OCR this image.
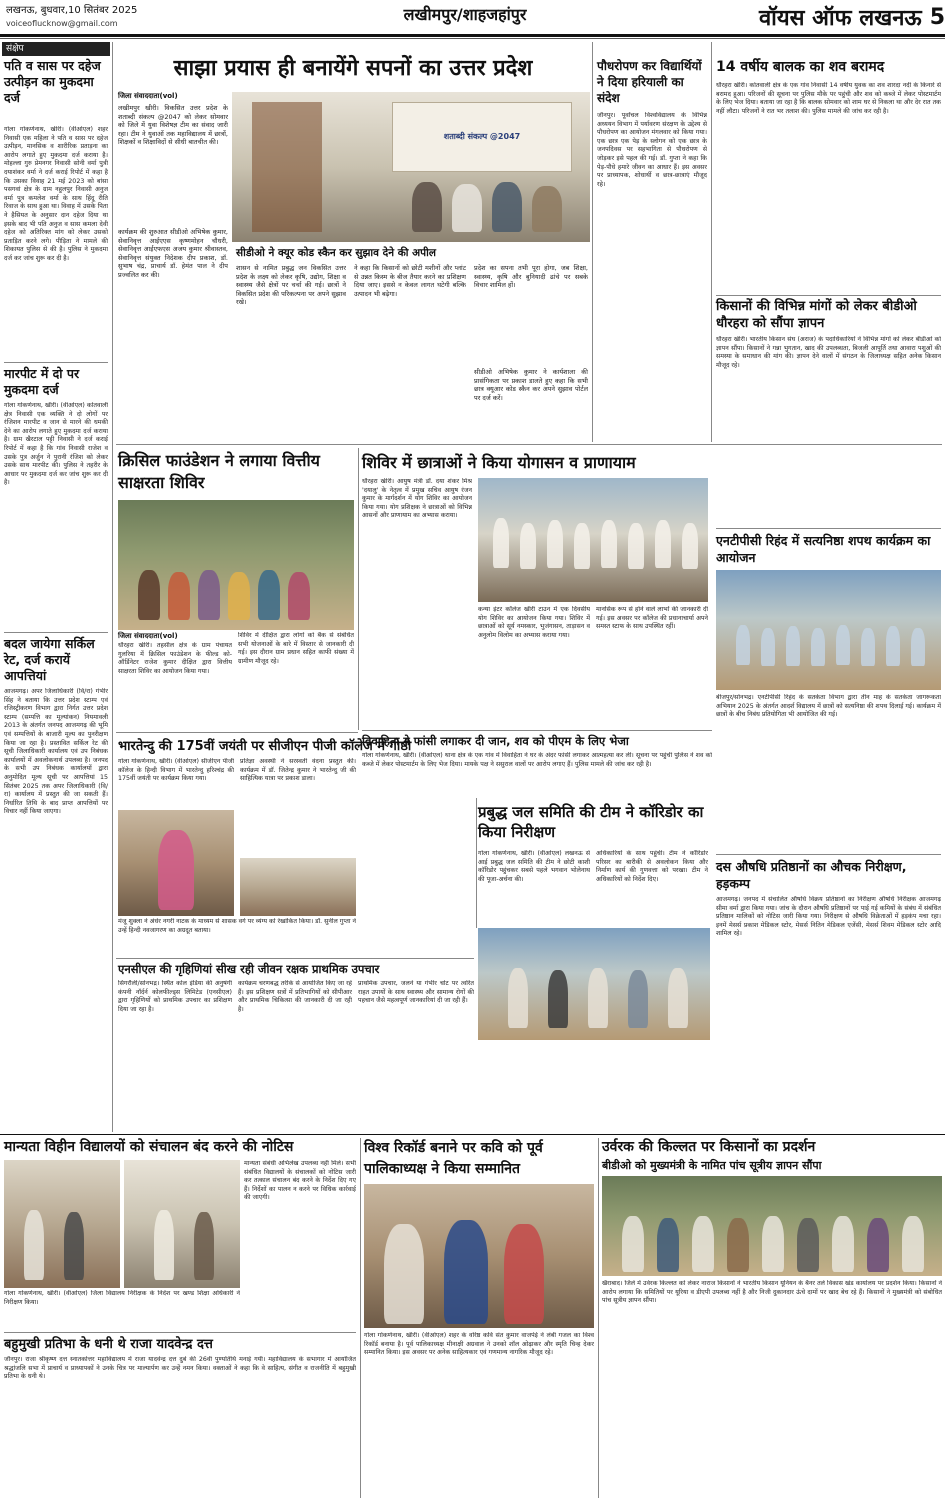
लखनऊ, बुधवार,10 सितंबर 2025
voiceoflucknow@gmail.com	लखीमपुर/शाहजहांपुर	वॉयस ऑफ लखनऊ 5
संक्षेप
पति व सास पर दहेज उत्पीड़न का मुकदमा दर्ज
गोला गोकर्णनाथ, खीरी। (वीओएल) शहर निवासी एक महिला ने पति व सास पर दहेज उत्पीड़न, मानसिक व शारीरिक प्रताड़ना का आरोप लगाते हुए मुकदमा दर्ज कराया है। मोहल्ला गुरु प्रेमनगर निवासी सोनी वर्मा पुत्री दयाशंकर वर्मा ने दर्ज कराई रिपोर्ट में कहा है कि उसका विवाह 21 मई 2023 को बांसा पसगवां क्षेत्र के ग्राम नहुलपुर निवासी अनुज वर्मा पुत्र कमलेश वर्मा के साथ हिंदू रीति रिवाज के साथ हुआ था। विवाह में उसके पिता ने हैसियत के अनुसार दान दहेज दिया था इसके बाद भी पति अनुज व सास कमला देवी दहेज को अतिरिक्त मांग को लेकर उसको प्रताड़ित करने लगे। पीड़िता ने मामले की शिकायत पुलिस से की है। पुलिस ने मुकदमा दर्ज कर जांच शुरू कर दी है।
मारपीट में दो पर मुकदमा दर्ज
गोला गोकर्णनाथ, खीरी। (वीओएल) कोतवाली क्षेत्र निवासी एक व्यक्ति ने दो लोगों पर रंजिशन मारपीट व जान से मारने की धमकी देने का आरोप लगाते हुए मुकदमा दर्ज कराया है। ग्राम खैरटाल पट्टी निवासी ने दर्ज कराई रिपोर्ट में कहा है कि गांव निवासी राजेश व उसके पुत्र अर्जुन ने पुरानी रंजिश को लेकर उसके साथ मारपीट की। पुलिस ने तहरीर के आधार पर मुकदमा दर्ज कर जांच शुरू कर दी है।
बदल जायेगा सर्किल रेट, दर्ज करायें आपत्तियां
आजमगढ़। अपर जिलाधिकारी (वि/रा) गंभीर सिंह ने बताया कि उत्तर प्रदेश स्टाम्प एवं रजिस्ट्रीकरण विभाग द्वारा निर्गत उत्तर प्रदेश स्टाम्प (सम्पत्ति का मूल्यांकन) नियमावली 2013 के अंतर्गत जनपद आजमगढ़ की भूमि एवं सम्पत्तियों के बाजारी मूल्य का पुनरीक्षण किया जा रहा है। प्रस्तावित सर्किल रेट की सूची जिलाधिकारी कार्यालय एवं उप निबंधक कार्यालयों में अवलोकनार्थ उपलब्ध है। जनपद के सभी उप निबंधक कार्यालयों द्वारा अनुमोदित मूल्य सूची पर आपत्तियां 15 सितंबर 2025 तक अपर जिलाधिकारी (वि/रा) कार्यालय में प्रस्तुत की जा सकती हैं। निर्धारित तिथि के बाद प्राप्त आपत्तियों पर विचार नहीं किया जाएगा।
साझा प्रयास ही बनायेंगे सपनों का उत्तर प्रदेश
जिला संवाददाता(vol)
लखीमपुर खीरी। विकसित उत्तर प्रदेश के शताब्दी संकल्प @2047 को लेकर सोमवार को जिले में युवा विशेषज्ञ टीम का संवाद जारी रहा। टीम ने युवाओं तक महाविद्यालय में छात्रों, शिक्षकों व शिक्षाविदों से सीधी बातचीत की।
शताब्दी संकल्प @2047
सीडीओ ने क्यूर कोड स्कैन कर सुझाव देने की अपील
कार्यक्रम की शुरुआत सीडीओ अभिषेक कुमार, सेवानिवृत्त आईएएस कृष्णमोहन चौधरी, सेवानिवृत्त आईएफएस अजय कुमार श्रीवास्तव, सेवानिवृत्त संयुक्त निदेशक दीप प्रकाश, डॉ. सुभाष चंद्र, प्राचार्य डॉ. हेमंत पाल ने दीप प्रज्वलित कर की।
शासन से नामित प्रबुद्ध जन विकसित उत्तर प्रदेश के लक्ष्य को लेकर कृषि, उद्योग, शिक्षा व स्वास्थ्य जैसे क्षेत्रों पर चर्चा की गई। छात्रों ने विकसित प्रदेश की परिकल्पना पर अपने सुझाव रखे।
ने कहा कि किसानों को छोटी मशीनों और प्लांट से उन्नत किस्म के बीज तैयार करने का प्रशिक्षण दिया जाए। इससे न केवल लागत घटेगी बल्कि उत्पादन भी बढ़ेगा।
प्रदेश का सपना तभी पूरा होगा, जब शिक्षा, स्वास्थ्य, कृषि और बुनियादी ढांचे पर सबके विचार शामिल हों।
सीडीओ अभिषेक कुमार ने कार्यशाला की प्रासंगिकता पर प्रकाश डालते हुए कहा कि सभी छात्र क्यूआर कोड स्कैन कर अपने सुझाव पोर्टल पर दर्ज करें।
पौधरोपण कर विद्यार्थियों ने दिया हरियाली का संदेश
जौनपुर। पूर्वांचल विश्वविद्यालय के विभिन्न अध्ययन विभाग में पर्यावरण संरक्षण के उद्देश्य से पौधरोपण का आयोजन मंगलवार को किया गया। एक छात्र एक पेड़ के स्लोगन को एक छात्र के जनपदिवस पर सहभागिता से पौधरोपण से जोड़कर इसे पहल की गई। डॉ. गुप्ता ने कहा कि पेड़-पौधे हमारे जीवन का आधार हैं। इस अवसर पर प्राध्यापक, शोधार्थी व छात्र-छात्राएं मौजूद रहे।
14 वर्षीय बालक का शव बरामद
धौरहरा खीरी। कोतवाली क्षेत्र के एक गांव निवासी 14 वर्षीय युवक का शव शारदा नदी के किनारे से बरामद हुआ। परिजनों की सूचना पर पुलिस मौके पर पहुंची और शव को कब्जे में लेकर पोस्टमार्टम के लिए भेज दिया। बताया जा रहा है कि बालक सोमवार को शाम घर से निकला था और देर रात तक नहीं लौटा। परिजनों ने रात भर तलाश की। पुलिस मामले की जांच कर रही है।
किसानों की विभिन्न मांगों को लेकर बीडीओ धौरहरा को सौंपा ज्ञापन
धौरहरा खीरी। भारतीय किसान संघ (अराज) के पदाधिकारियों ने विभिन्न मांगों को लेकर बीडीओ को ज्ञापन सौंपा। किसानों ने गन्ना भुगतान, खाद की उपलब्धता, बिजली आपूर्ति तथा आवारा पशुओं की समस्या के समाधान की मांग की। ज्ञापन देने वालों में संगठन के जिलाध्यक्ष सहित अनेक किसान मौजूद रहे।
एनटीपीसी रिहंद में सत्यनिष्ठा शपथ कार्यक्रम का आयोजन
बीजपुर/सोनभद्र। एनटीपीसी रिहंद के सतर्कता विभाग द्वारा तीन माह के सतर्कता जागरूकता अभियान 2025 के अंतर्गत आदर्श विद्यालय में छात्रों को सत्यनिष्ठा की शपथ दिलाई गई। कार्यक्रम में छात्रों के बीच निबंध प्रतियोगिता भी आयोजित की गई।
दस औषधि प्रतिष्ठानों का औचक निरीक्षण, हड़कम्प
आजमगढ़। जनपद में संचालित औषधि विक्रय प्रतिष्ठानों का निरीक्षण औषधि निरीक्षक आजमगढ़ सीमा वर्मा द्वारा किया गया। जांच के दौरान औषधि प्रतिष्ठानों पर पाई गई कमियों के संबंध में संबंधित प्रतिष्ठान मालिकों को नोटिस जारी किया गया। निरीक्षण से औषधि विक्रेताओं में हड़कंप मचा रहा। इनमें मेसर्स प्रकाश मेडिकल स्टोर, मेसर्स नितिन मेडिकल एजेंसी, मेसर्स शिवम मेडिकल स्टोर आदि शामिल रहे।
क्रिसिल फाउंडेशन ने लगाया वित्तीय साक्षरता शिविर
जिला संवाददाता(vol)
धौरहरा खीरी। तहसील क्षेत्र के ग्राम पंचायत गुलरिया में क्रिसिल फाउंडेशन के फील्ड को-ऑर्डिनेटर राजेश कुमार दीक्षित द्वारा वित्तीय साक्षरता शिविर का आयोजन किया गया।
शिविर में दीक्षित द्वारा लोगों को बैंक से संबंधित सभी योजनाओं के बारे में विस्तार से जानकारी दी गई। इस दौरान ग्राम प्रधान सहित काफी संख्या में ग्रामीण मौजूद रहे।
शिविर में छात्राओं ने किया योगासन व प्राणायाम
धौरहरा खीरी। आयुष मंत्री डॉ. दया शंकर मिश्र 'दयालु' के नेतृत्व में प्रमुख सचिव आयुष रंजन कुमार के मार्गदर्शन में योग शिविर का आयोजन किया गया। योग प्रशिक्षक ने छात्राओं को विभिन्न आसनों और प्राणायाम का अभ्यास कराया।
कन्या इंटर कॉलेज खीरी टाउन में एक दिवसीय योग शिविर का आयोजन किया गया। शिविर में छात्राओं को सूर्य नमस्कार, भुजंगासन, ताड़ासन व अनुलोम विलोम का अभ्यास कराया गया।
मानसिक रूप से होने वाले लाभों की जानकारी दी गई। इस अवसर पर कॉलेज की प्रधानाचार्या अपने समस्त स्टाफ के साथ उपस्थित रहीं।
विवाहिता ने फांसी लगाकर दी जान, शव को पीएम के लिए भेजा
गोला गोकर्णनाथ, खीरी। (वीओएल) थाना क्षेत्र के एक गांव में विवाहिता ने घर के अंदर फांसी लगाकर आत्महत्या कर ली। सूचना पर पहुंची पुलिस ने शव को कब्जे में लेकर पोस्टमार्टम के लिए भेज दिया। मायके पक्ष ने ससुराल वालों पर आरोप लगाए हैं। पुलिस मामले की जांच कर रही है।
भारतेन्दु की 175वीं जयंती पर सीजीएन पीजी कॉलेज में गोष्ठी
गोला गोकर्णनाथ, खीरी। (वीओएल) सीजीएन पीजी कॉलेज के हिन्दी विभाग में भारतेन्दु हरिश्चंद्र की 175वीं जयंती पर कार्यक्रम किया गया।
प्रतिज्ञा अवस्थी ने सरस्वती वंदना प्रस्तुत की। कार्यक्रम में डॉ. जितेन्द्र कुमार ने भारतेन्दु जी की साहित्यिक यात्रा पर प्रकाश डाला।
मंजू शुक्ला ने अंधेर नगरी नाटक के माध्यम से शासक वर्ग पर व्यंग्य को रेखांकित किया। डॉ. सुनील गुप्ता ने उन्हें हिन्दी नवजागरण का अग्रदूत बताया।
प्रबुद्ध जल समिति की टीम ने कॉरिडोर का किया निरीक्षण
गोला गोकर्णनाथ, खीरी। (वीओएल) लखनऊ से आई प्रबुद्ध जल समिति की टीम ने छोटी काशी कॉरिडोर पहुंचकर सबसे पहले भगवान भोलेनाथ की पूजा-अर्चना की।
अधिकारियों के साथ पहुंची। टीम ने कॉरिडोर परिसर का बारीकी से अवलोकन किया और निर्माण कार्य की गुणवत्ता को परखा। टीम ने अधिकारियों को निर्देश दिए।
एनसीएल की गृहिणियां सीख रही जीवन रक्षक प्राथमिक उपचार
सिंगरौली/सोनभद्र। स्थित कोल इंडिया की अनुषंगी कंपनी नॉर्दर्न कोलफील्ड्स लिमिटेड (एनसीएल) द्वारा गृहिणियों को प्राथमिक उपचार का प्रशिक्षण दिया जा रहा है।
कार्यक्रम चरणबद्ध तरीके से आयोजित किए जा रहे हैं। इस प्रशिक्षण सत्रों में प्रतिभागियों को सीपीआर और प्राथमिक चिकित्सा की जानकारी दी जा रही है।
प्राथमिक उपचार, जलने या गंभीर चोट पर त्वरित राहत उपायों के साथ स्वास्थ्य और सामान्य रोगों की पहचान जैसे महत्वपूर्ण जानकारियां दी जा रही हैं।
मान्यता विहीन विद्यालयों को संचालन बंद करने की नोटिस
गोला गोकर्णनाथ, खीरी। (वीओएल) जिला विद्यालय निरीक्षक के निर्देश पर खण्ड शिक्षा अधिकारी ने निरीक्षण किया।
मान्यता संबंधी अभिलेख उपलब्ध नहीं मिले। सभी संबंधित विद्यालयों के संचालकों को नोटिस जारी कर तत्काल संचालन बंद करने के निर्देश दिए गए हैं। निर्देशों का पालन न करने पर विधिक कार्रवाई की जाएगी।
बहुमुखी प्रतिभा के धनी थे राजा यादवेन्द्र दत्त
जौनपुर। राजा श्रीकृष्ण दत्त स्नातकोत्तर महाविद्यालय में राजा यादवेन्द्र दत्त दुबे की 26वीं पुण्यतिथि मनाई गयी। महाविद्यालय के सभागार में आयोजित श्रद्धांजलि सभा में प्राचार्य व प्राध्यापकों ने उनके चित्र पर माल्यार्पण कर उन्हें नमन किया। वक्ताओं ने कहा कि वे साहित्य, संगीत व राजनीति में बहुमुखी प्रतिभा के धनी थे।
विश्व रिकॉर्ड बनाने पर कवि को पूर्व पालिकाध्यक्ष ने किया सम्मानित
गोला गोकर्णनाथ, खीरी। (वीओएल) शहर के वरिष्ठ कवि संत कुमार वाजपेई ने लंबी गजल का विश्व रिकॉर्ड बनाया है। पूर्व पालिकाध्यक्ष मीनाक्षी अग्रवाल ने उनको शॉल ओढ़ाकर और स्मृति चिन्ह देकर सम्मानित किया। इस अवसर पर अनेक साहित्यकार एवं गणमान्य नागरिक मौजूद रहे।
उर्वरक की किल्लत पर किसानों का प्रदर्शन
बीडीओ को मुख्यमंत्री के नामित पांच सूत्रीय ज्ञापन सौंपा
खैराबाद। जिले में उर्वरक किल्लत को लेकर नाराज किसानों ने भारतीय किसान यूनियन के बैनर तले विकास खंड कार्यालय पर प्रदर्शन किया। किसानों ने आरोप लगाया कि समितियों पर यूरिया व डीएपी उपलब्ध नहीं है और निजी दुकानदार ऊंचे दामों पर खाद बेच रहे हैं। किसानों ने मुख्यमंत्री को संबोधित पांच सूत्रीय ज्ञापन सौंपा।
